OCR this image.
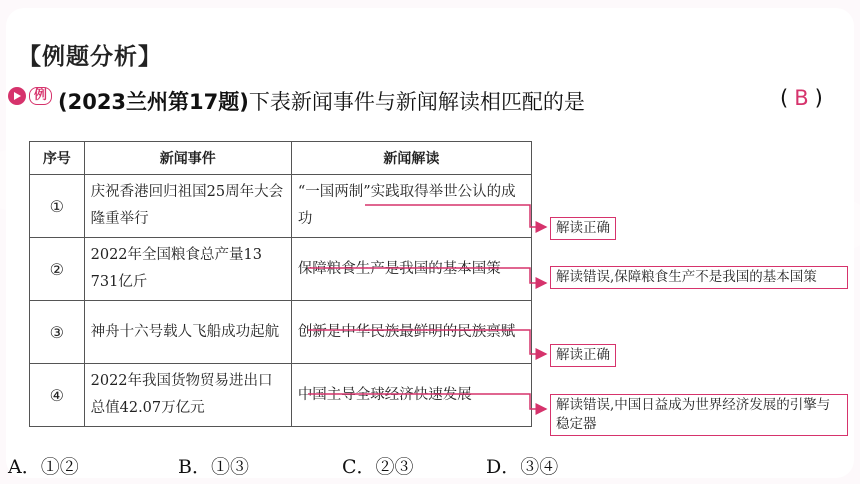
【例题分析】
例 (2023兰州第17题)下表新闻事件与新闻解读相匹配的是	( B )
序号	新闻事件	新闻解读
①	庆祝香港回归祖国25周年大会隆重举行	“一国两制”实践取得举世公认的成功
②	2022年全国粮食总产量13 731亿斤	保障粮食生产是我国的基本国策
③	神舟十六号载人飞船成功起航	创新是中华民族最鲜明的民族禀赋
④	2022年我国货物贸易进出口总值42.07万亿元	中国主导全球经济快速发展
解读正确
解读错误,保障粮食生产不是我国的基本国策
解读正确
解读错误,中国日益成为世界经济发展的引擎与稳定器
A．①②	B．①③	C．②③	D．③④
